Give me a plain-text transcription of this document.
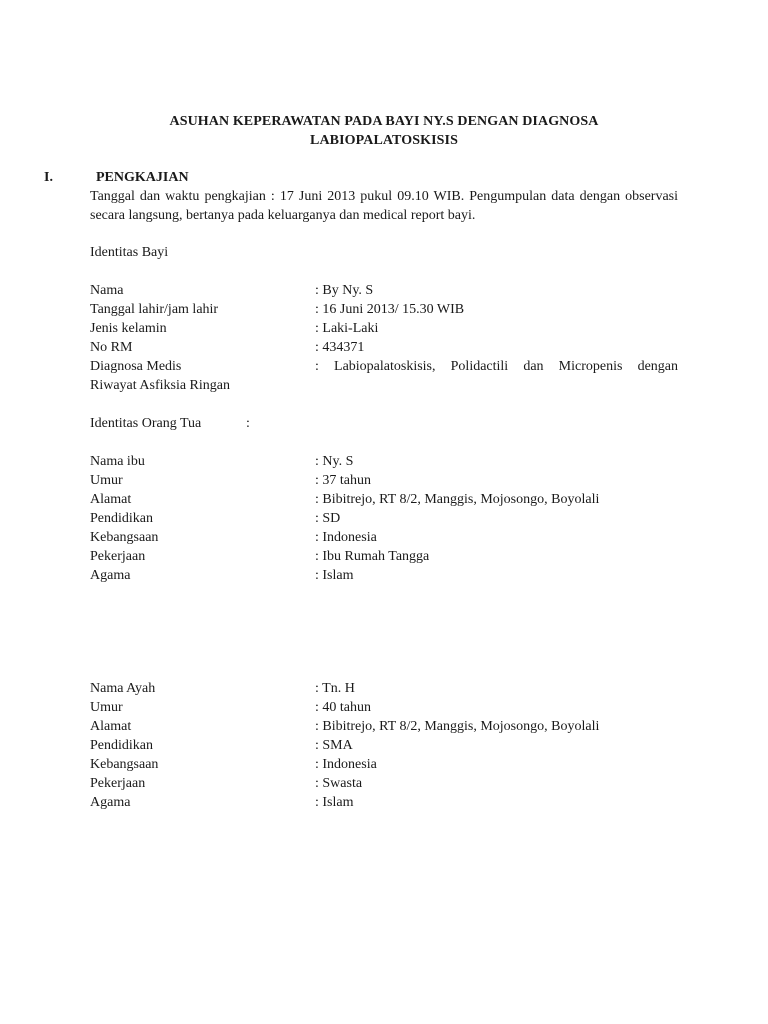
ASUHAN KEPERAWATAN PADA BAYI NY.S DENGAN DIAGNOSA
LABIOPALATOSKISIS
I.	PENGKAJIAN
Tanggal dan waktu pengkajian : 17 Juni 2013 pukul 09.10 WIB. Pengumpulan data dengan observasi secara langsung, bertanya pada keluarganya dan medical report bayi.
Identitas Bayi
Nama	: By Ny. S
Tanggal lahir/jam lahir	: 16 Juni 2013/ 15.30 WIB
Jenis kelamin	: Laki-Laki
No RM	: 434371
Diagnosa Medis	: Labiopalatoskisis, Polidactili dan Micropenis dengan
Riwayat Asfiksia Ringan
Identitas Orang Tua	:
Nama ibu	: Ny. S
Umur	: 37 tahun
Alamat	: Bibitrejo, RT 8/2, Manggis, Mojosongo, Boyolali
Pendidikan	: SD
Kebangsaan	: Indonesia
Pekerjaan	: Ibu Rumah Tangga
Agama	: Islam
Nama Ayah	: Tn. H
Umur	: 40 tahun
Alamat	: Bibitrejo, RT 8/2, Manggis, Mojosongo, Boyolali
Pendidikan	: SMA
Kebangsaan	: Indonesia
Pekerjaan	: Swasta
Agama	: Islam
